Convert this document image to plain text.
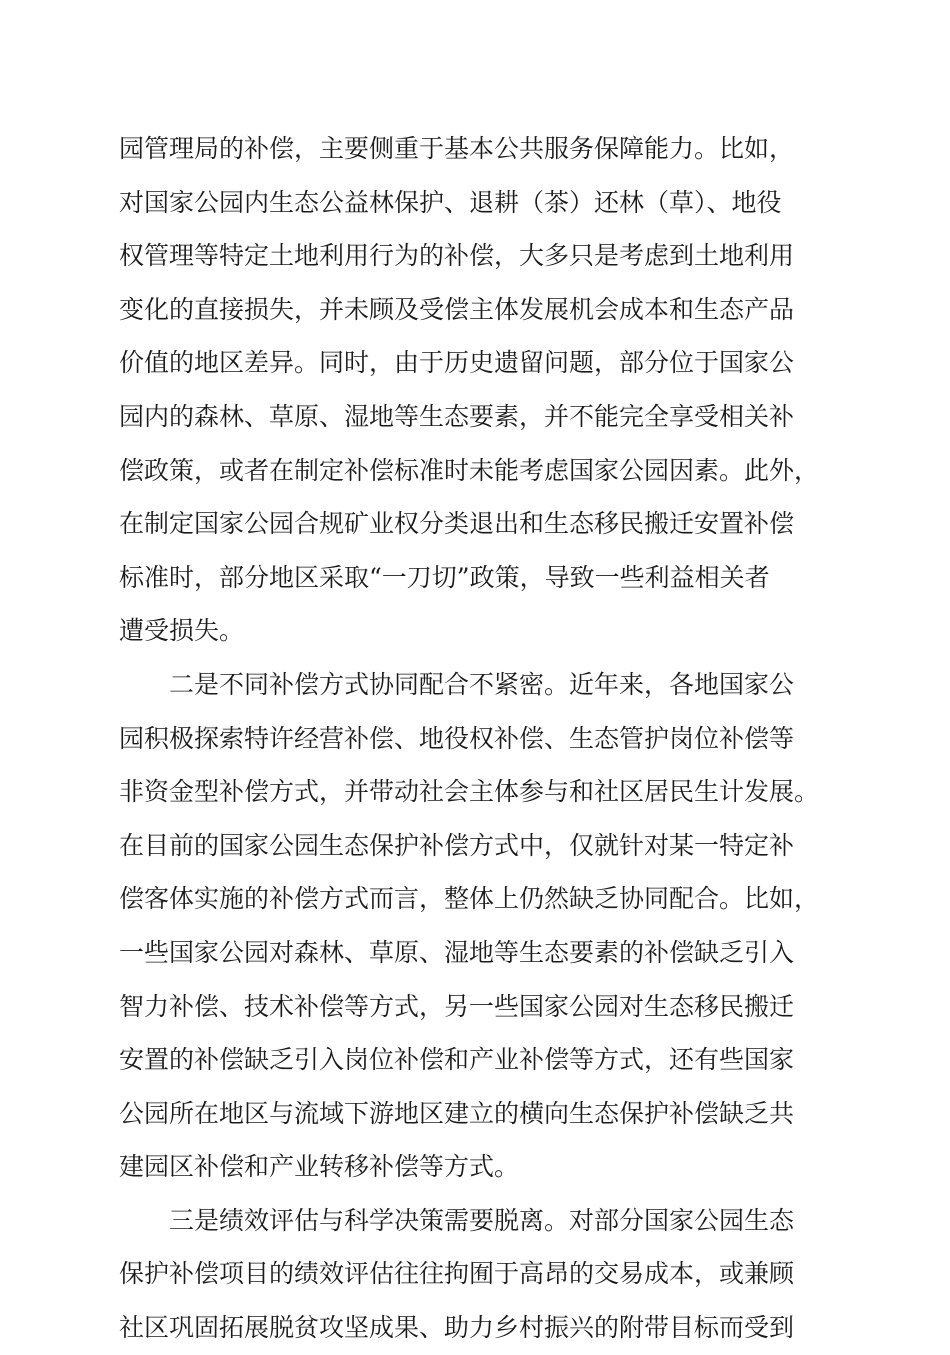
园管理局的补偿，主要侧重于基本公共服务保障能力。比如，
对国家公园内生态公益林保护、退耕（茶）还林（草）、地役
权管理等特定土地利用行为的补偿，大多只是考虑到土地利用
变化的直接损失，并未顾及受偿主体发展机会成本和生态产品
价值的地区差异。同时，由于历史遗留问题，部分位于国家公
园内的森林、草原、湿地等生态要素，并不能完全享受相关补
偿政策，或者在制定补偿标准时未能考虑国家公园因素。此外，
在制定国家公园合规矿业权分类退出和生态移民搬迁安置补偿
标准时，部分地区采取“一刀切”政策，导致一些利益相关者
遭受损失。
二是不同补偿方式协同配合不紧密。近年来，各地国家公
园积极探索特许经营补偿、地役权补偿、生态管护岗位补偿等
非资金型补偿方式，并带动社会主体参与和社区居民生计发展。
在目前的国家公园生态保护补偿方式中，仅就针对某一特定补
偿客体实施的补偿方式而言，整体上仍然缺乏协同配合。比如，
一些国家公园对森林、草原、湿地等生态要素的补偿缺乏引入
智力补偿、技术补偿等方式，另一些国家公园对生态移民搬迁
安置的补偿缺乏引入岗位补偿和产业补偿等方式，还有些国家
公园所在地区与流域下游地区建立的横向生态保护补偿缺乏共
建园区补偿和产业转移补偿等方式。
三是绩效评估与科学决策需要脱离。对部分国家公园生态
保护补偿项目的绩效评估往往拘囿于高昂的交易成本，或兼顾
社区巩固拓展脱贫攻坚成果、助力乡村振兴的附带目标而受到
